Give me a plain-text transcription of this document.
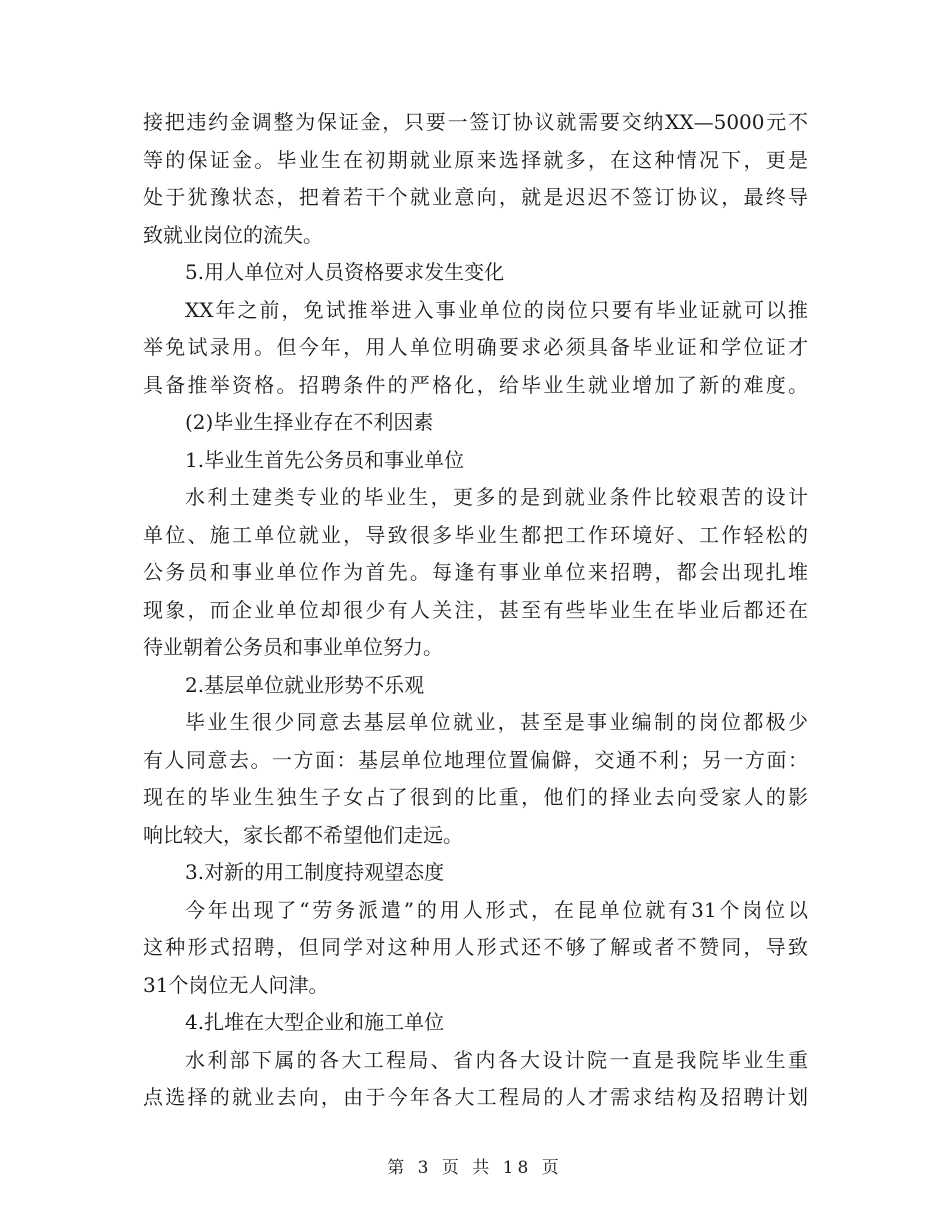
接把违约金调整为保证金，只要一签订协议就需要交纳XX—5000元不
等的保证金。毕业生在初期就业原来选择就多，在这种情况下，更是
处于犹豫状态，把着若干个就业意向，就是迟迟不签订协议，最终导
致就业岗位的流失。
5.用人单位对人员资格要求发生变化
XX年之前，免试推举进入事业单位的岗位只要有毕业证就可以推
举免试录用。但今年，用人单位明确要求必须具备毕业证和学位证才
具备推举资格。招聘条件的严格化，给毕业生就业增加了新的难度。
(2)毕业生择业存在不利因素
1.毕业生首先公务员和事业单位
水利土建类专业的毕业生，更多的是到就业条件比较艰苦的设计
单位、施工单位就业，导致很多毕业生都把工作环境好、工作轻松的
公务员和事业单位作为首先。每逢有事业单位来招聘，都会出现扎堆
现象，而企业单位却很少有人关注，甚至有些毕业生在毕业后都还在
待业朝着公务员和事业单位努力。
2.基层单位就业形势不乐观
毕业生很少同意去基层单位就业，甚至是事业编制的岗位都极少
有人同意去。一方面：基层单位地理位置偏僻，交通不利；另一方面：
现在的毕业生独生子女占了很到的比重，他们的择业去向受家人的影
响比较大，家长都不希望他们走远。
3.对新的用工制度持观望态度
今年出现了“劳务派遣”的用人形式，在昆单位就有31个岗位以
这种形式招聘，但同学对这种用人形式还不够了解或者不赞同，导致
31个岗位无人问津。
4.扎堆在大型企业和施工单位
水利部下属的各大工程局、省内各大设计院一直是我院毕业生重
点选择的就业去向，由于今年各大工程局的人才需求结构及招聘计划
第 3 页 共 18 页
